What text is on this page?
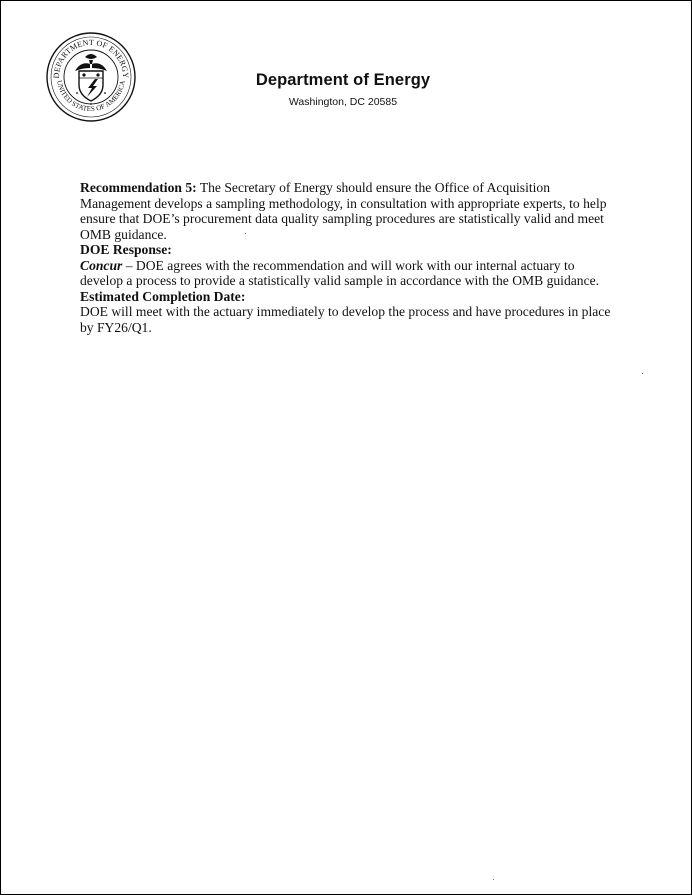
DEPARTMENT OF ENERGY
UNITED STATES OF AMERICA	Department of Energy
Washington, DC 20585

Recommendation 5: The Secretary of Energy should ensure the Office of Acquisition Management develops a sampling methodology, in consultation with appropriate experts, to help ensure that DOE’s procurement data quality sampling procedures are statistically valid and meet OMB guidance.

DOE Response:

Concur – DOE agrees with the recommendation and will work with our internal actuary to develop a process to provide a statistically valid sample in accordance with the OMB guidance.

Estimated Completion Date:

DOE will meet with the actuary immediately to develop the process and have procedures in place by FY26/Q1.
